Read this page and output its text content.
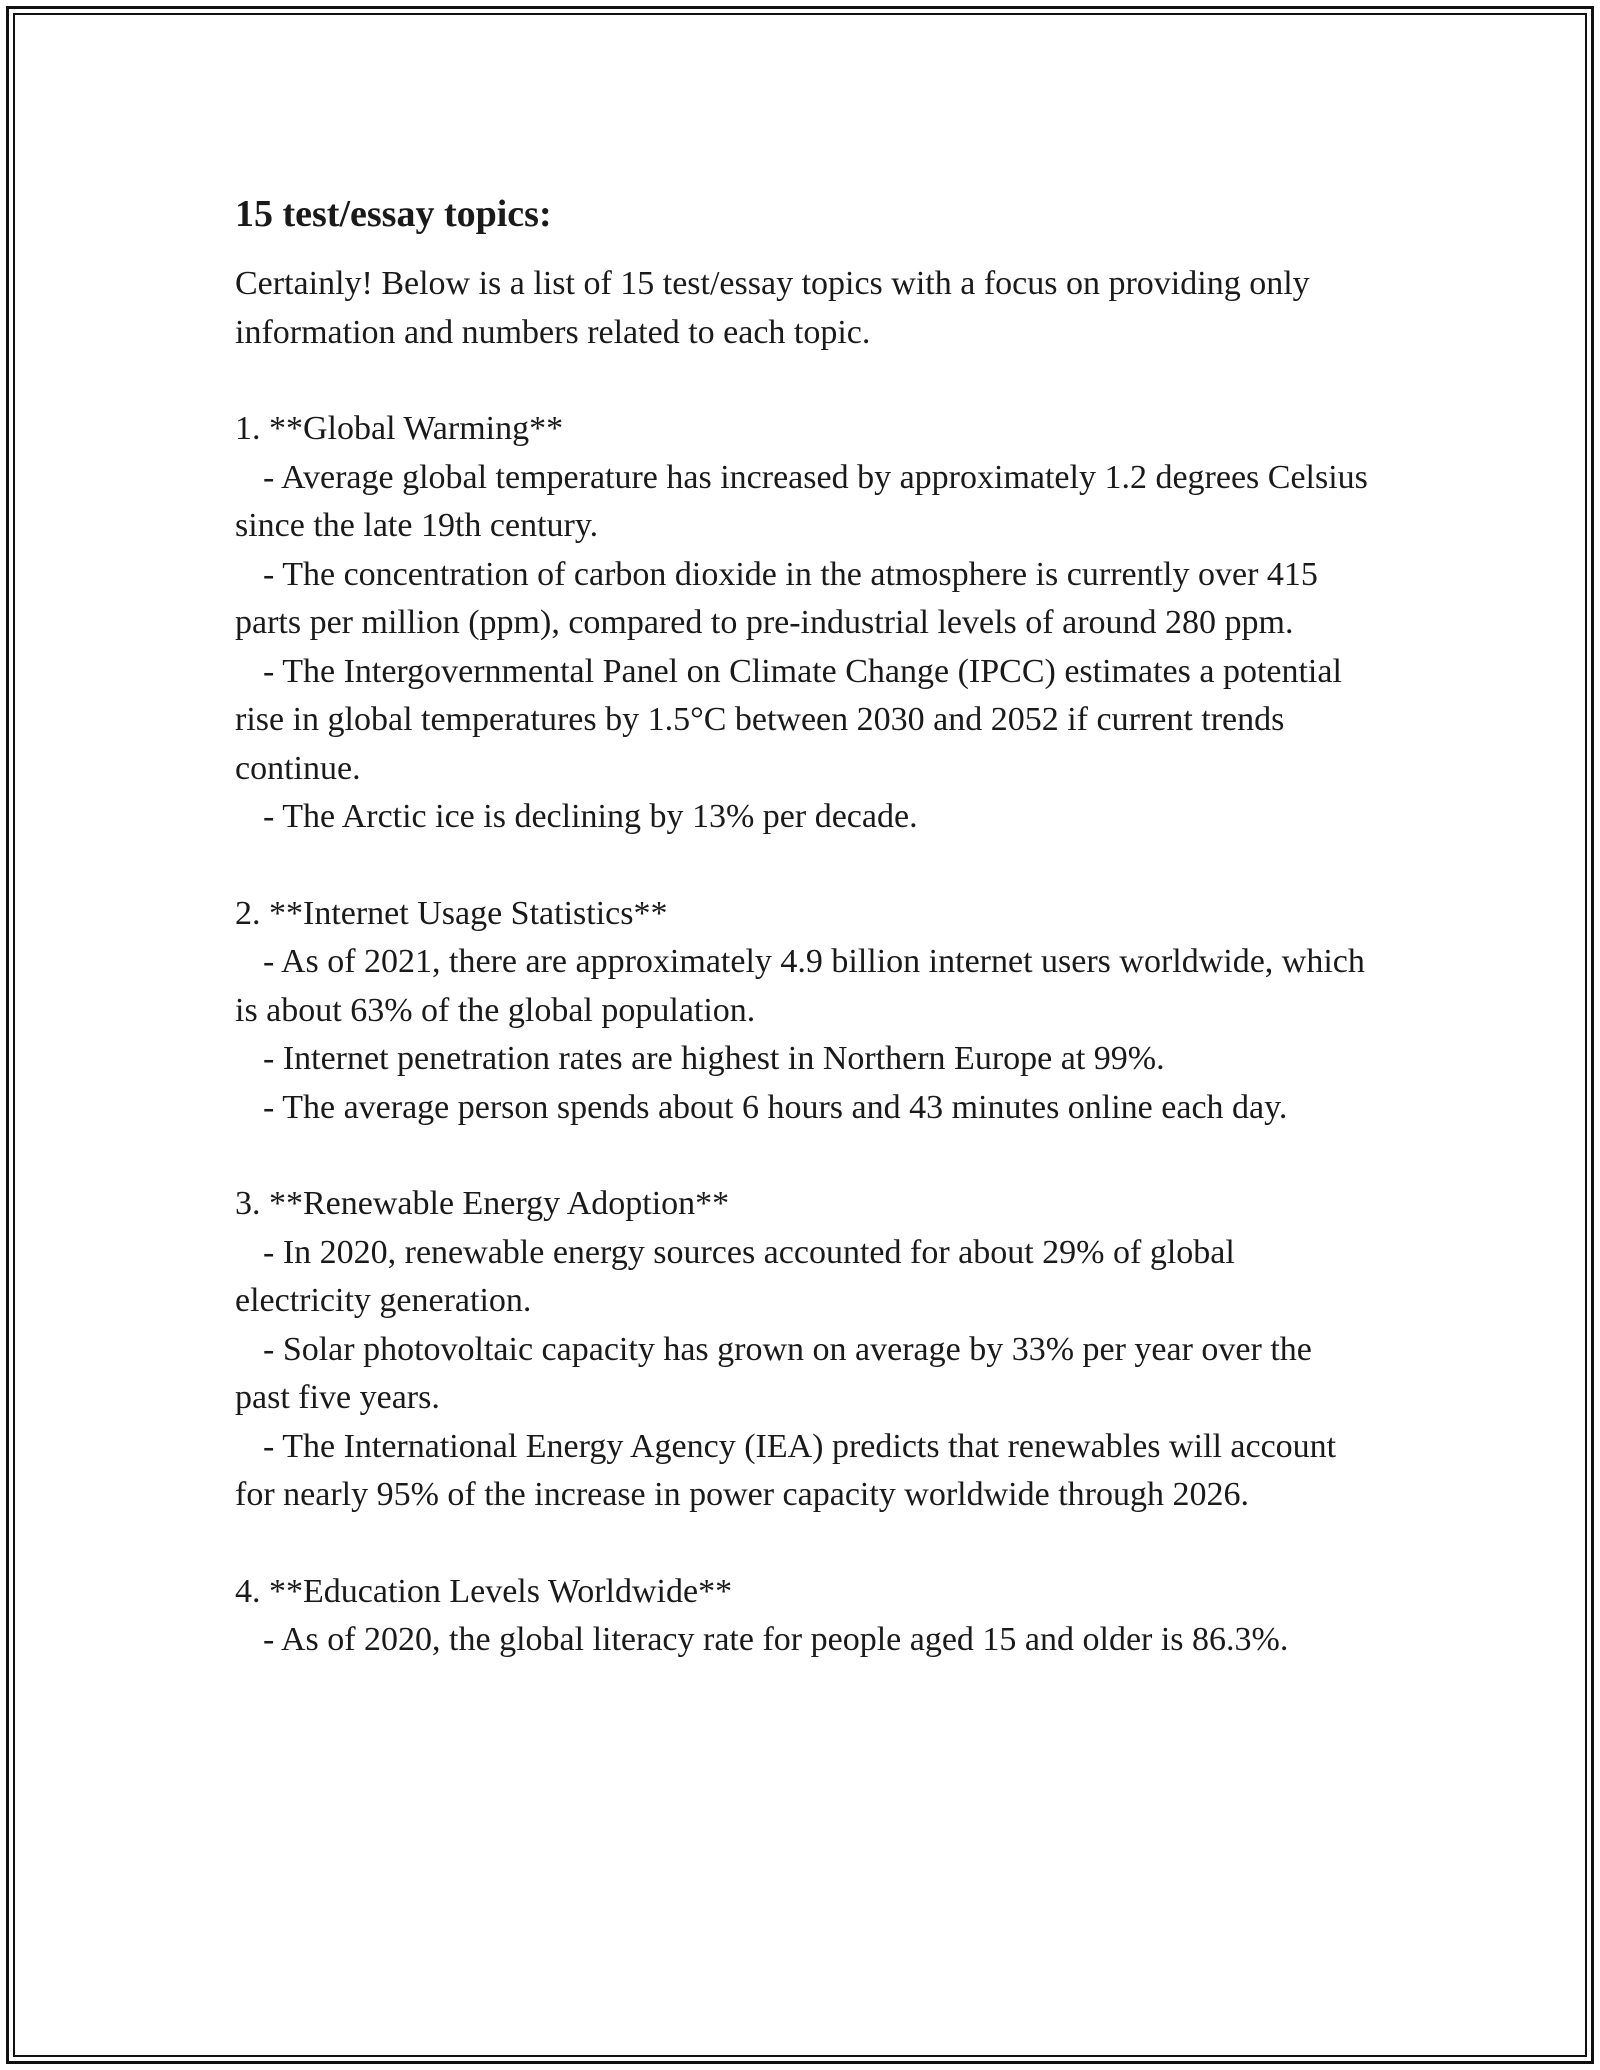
15 test/essay topics:

Certainly! Below is a list of 15 test/essay topics with a focus on providing only information and numbers related to each topic.

1. **Global Warming**

- Average global temperature has increased by approximately 1.2 degrees Celsius since the late 19th century.

- The concentration of carbon dioxide in the atmosphere is currently over 415 parts per million (ppm), compared to pre-industrial levels of around 280 ppm.

- The Intergovernmental Panel on Climate Change (IPCC) estimates a potential rise in global temperatures by 1.5°C between 2030 and 2052 if current trends continue.

- The Arctic ice is declining by 13% per decade.

2. **Internet Usage Statistics**

- As of 2021, there are approximately 4.9 billion internet users worldwide, which is about 63% of the global population.

- Internet penetration rates are highest in Northern Europe at 99%.

- The average person spends about 6 hours and 43 minutes online each day.

3. **Renewable Energy Adoption**

- In 2020, renewable energy sources accounted for about 29% of global electricity generation.

- Solar photovoltaic capacity has grown on average by 33% per year over the past five years.

- The International Energy Agency (IEA) predicts that renewables will account for nearly 95% of the increase in power capacity worldwide through 2026.

4. **Education Levels Worldwide**

- As of 2020, the global literacy rate for people aged 15 and older is 86.3%.
